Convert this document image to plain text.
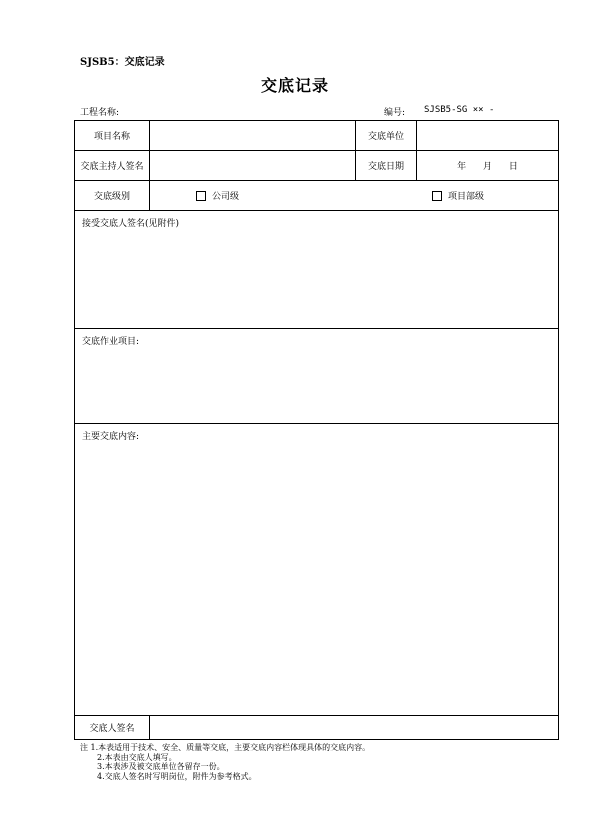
SJSB5：交底记录
交底记录
工程名称:	编号: SJSB5-SG ×× -
项目名称		交底单位	
交底主持人签名		交底日期	年 月 日
交底级别	公司级 项目部级		

接受交底人签名(见附件)			
交底作业项目:			
主要交底内容:			
交底人签名			
注 1.本表适用于技术、安全、质量等交底，主要交底内容栏体现具体的交底内容。
2.本表由交底人填写。
3.本表涉及被交底单位各留存一份。
4.交底人签名时写明岗位，附件为参考格式。
